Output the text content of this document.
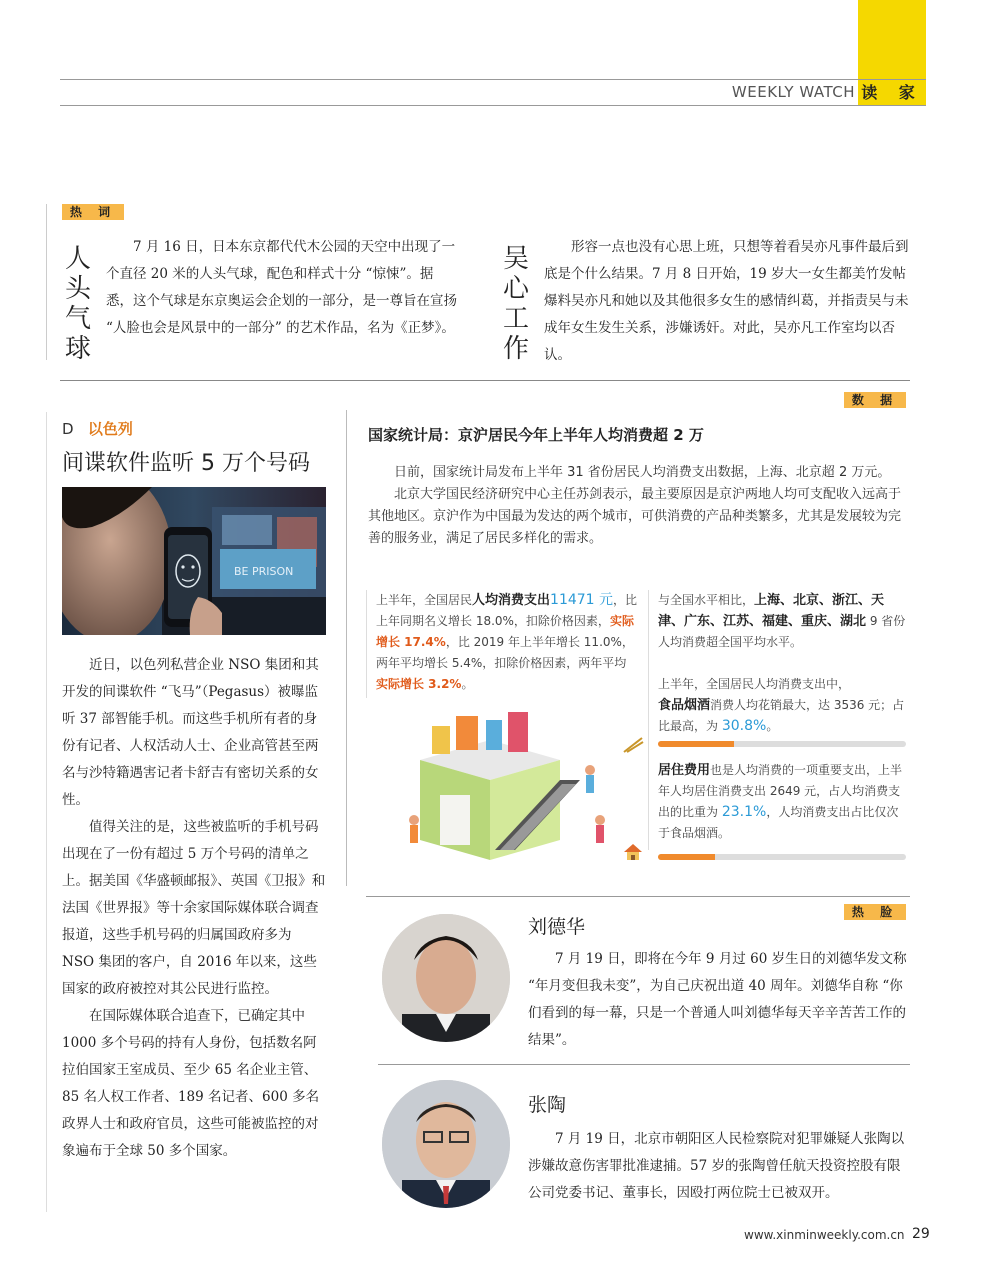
WEEKLY WATCH 读 家
热 词
人头气球
7 月 16 日，日本东京都代代木公园的天空中出现了一个直径 20 米的人头气球，配色和样式十分 “惊悚”。据悉，这个气球是东京奥运会企划的一部分，是一尊旨在宣扬 “人脸也会是风景中的一部分” 的艺术作品，名为《正梦》。
吴心工作
形容一点也没有心思上班，只想等着看吴亦凡事件最后到底是个什么结果。7 月 8 日开始，19 岁大一女生都美竹发帖爆料吴亦凡和她以及其他很多女生的感情纠葛，并指责吴与未成年女生发生关系，涉嫌诱奸。对此，吴亦凡工作室均以否认。
D 以色列
间谍软件监听 5 万个号码
BE PRISON

近日，以色列私营企业 NSO 集团和其开发的间谍软件 “飞马”（Pegasus）被曝监听 37 部智能手机。而这些手机所有者的身份有记者、人权活动人士、企业高管甚至两名与沙特籍遇害记者卡舒吉有密切关系的女性。

值得关注的是，这些被监听的手机号码出现在了一份有超过 5 万个号码的清单之上。据美国《华盛顿邮报》、英国《卫报》和法国《世界报》等十余家国际媒体联合调查报道，这些手机号码的归属国政府多为 NSO 集团的客户，自 2016 年以来，这些国家的政府被控对其公民进行监控。

在国际媒体联合追查下，已确定其中 1000 多个号码的持有人身份，包括数名阿拉伯国家王室成员、至少 65 名企业主管、85 名人权工作者、189 名记者、600 多名政界人士和政府官员，这些可能被监控的对象遍布于全球 50 多个国家。

数 据
国家统计局：京沪居民今年上半年人均消费超 2 万

日前，国家统计局发布上半年 31 省份居民人均消费支出数据，上海、北京超 2 万元。

北京大学国民经济研究中心主任苏剑表示，最主要原因是京沪两地人均可支配收入远高于其他地区。京沪作为中国最为发达的两个城市，可供消费的产品种类繁多，尤其是发展较为完善的服务业，满足了居民多样化的需求。

上半年，全国居民人均消费支出11471 元，比上年同期名义增长 18.0%，扣除价格因素，实际增长 17.4%，比 2019 年上半年增长 11.0%，两年平均增长 5.4%，扣除价格因素，两年平均实际增长 3.2%。
与全国水平相比，上海、北京、浙江、天津、广东、江苏、福建、重庆、湖北 9 省份人均消费超全国平均水平。
上半年，全国居民人均消费支出中，
食品烟酒消费人均花销最大，达 3536 元；占比最高，为 30.8%。
居住费用也是人均消费的一项重要支出，上半年人均居住消费支出 2649 元，占人均消费支出的比重为 23.1%，人均消费支出占比仅次于食品烟酒。
热 脸
刘德华
7 月 19 日，即将在今年 9 月过 60 岁生日的刘德华发文称 “年月变但我未变”，为自己庆祝出道 40 周年。刘德华自称 “你们看到的每一幕，只是一个普通人叫刘德华每天辛辛苦苦工作的结果”。
张陶
7 月 19 日，北京市朝阳区人民检察院对犯罪嫌疑人张陶以涉嫌故意伤害罪批准逮捕。57 岁的张陶曾任航天投资控股有限公司党委书记、董事长，因殴打两位院士已被双开。
www.xinminweekly.com.cn 29
